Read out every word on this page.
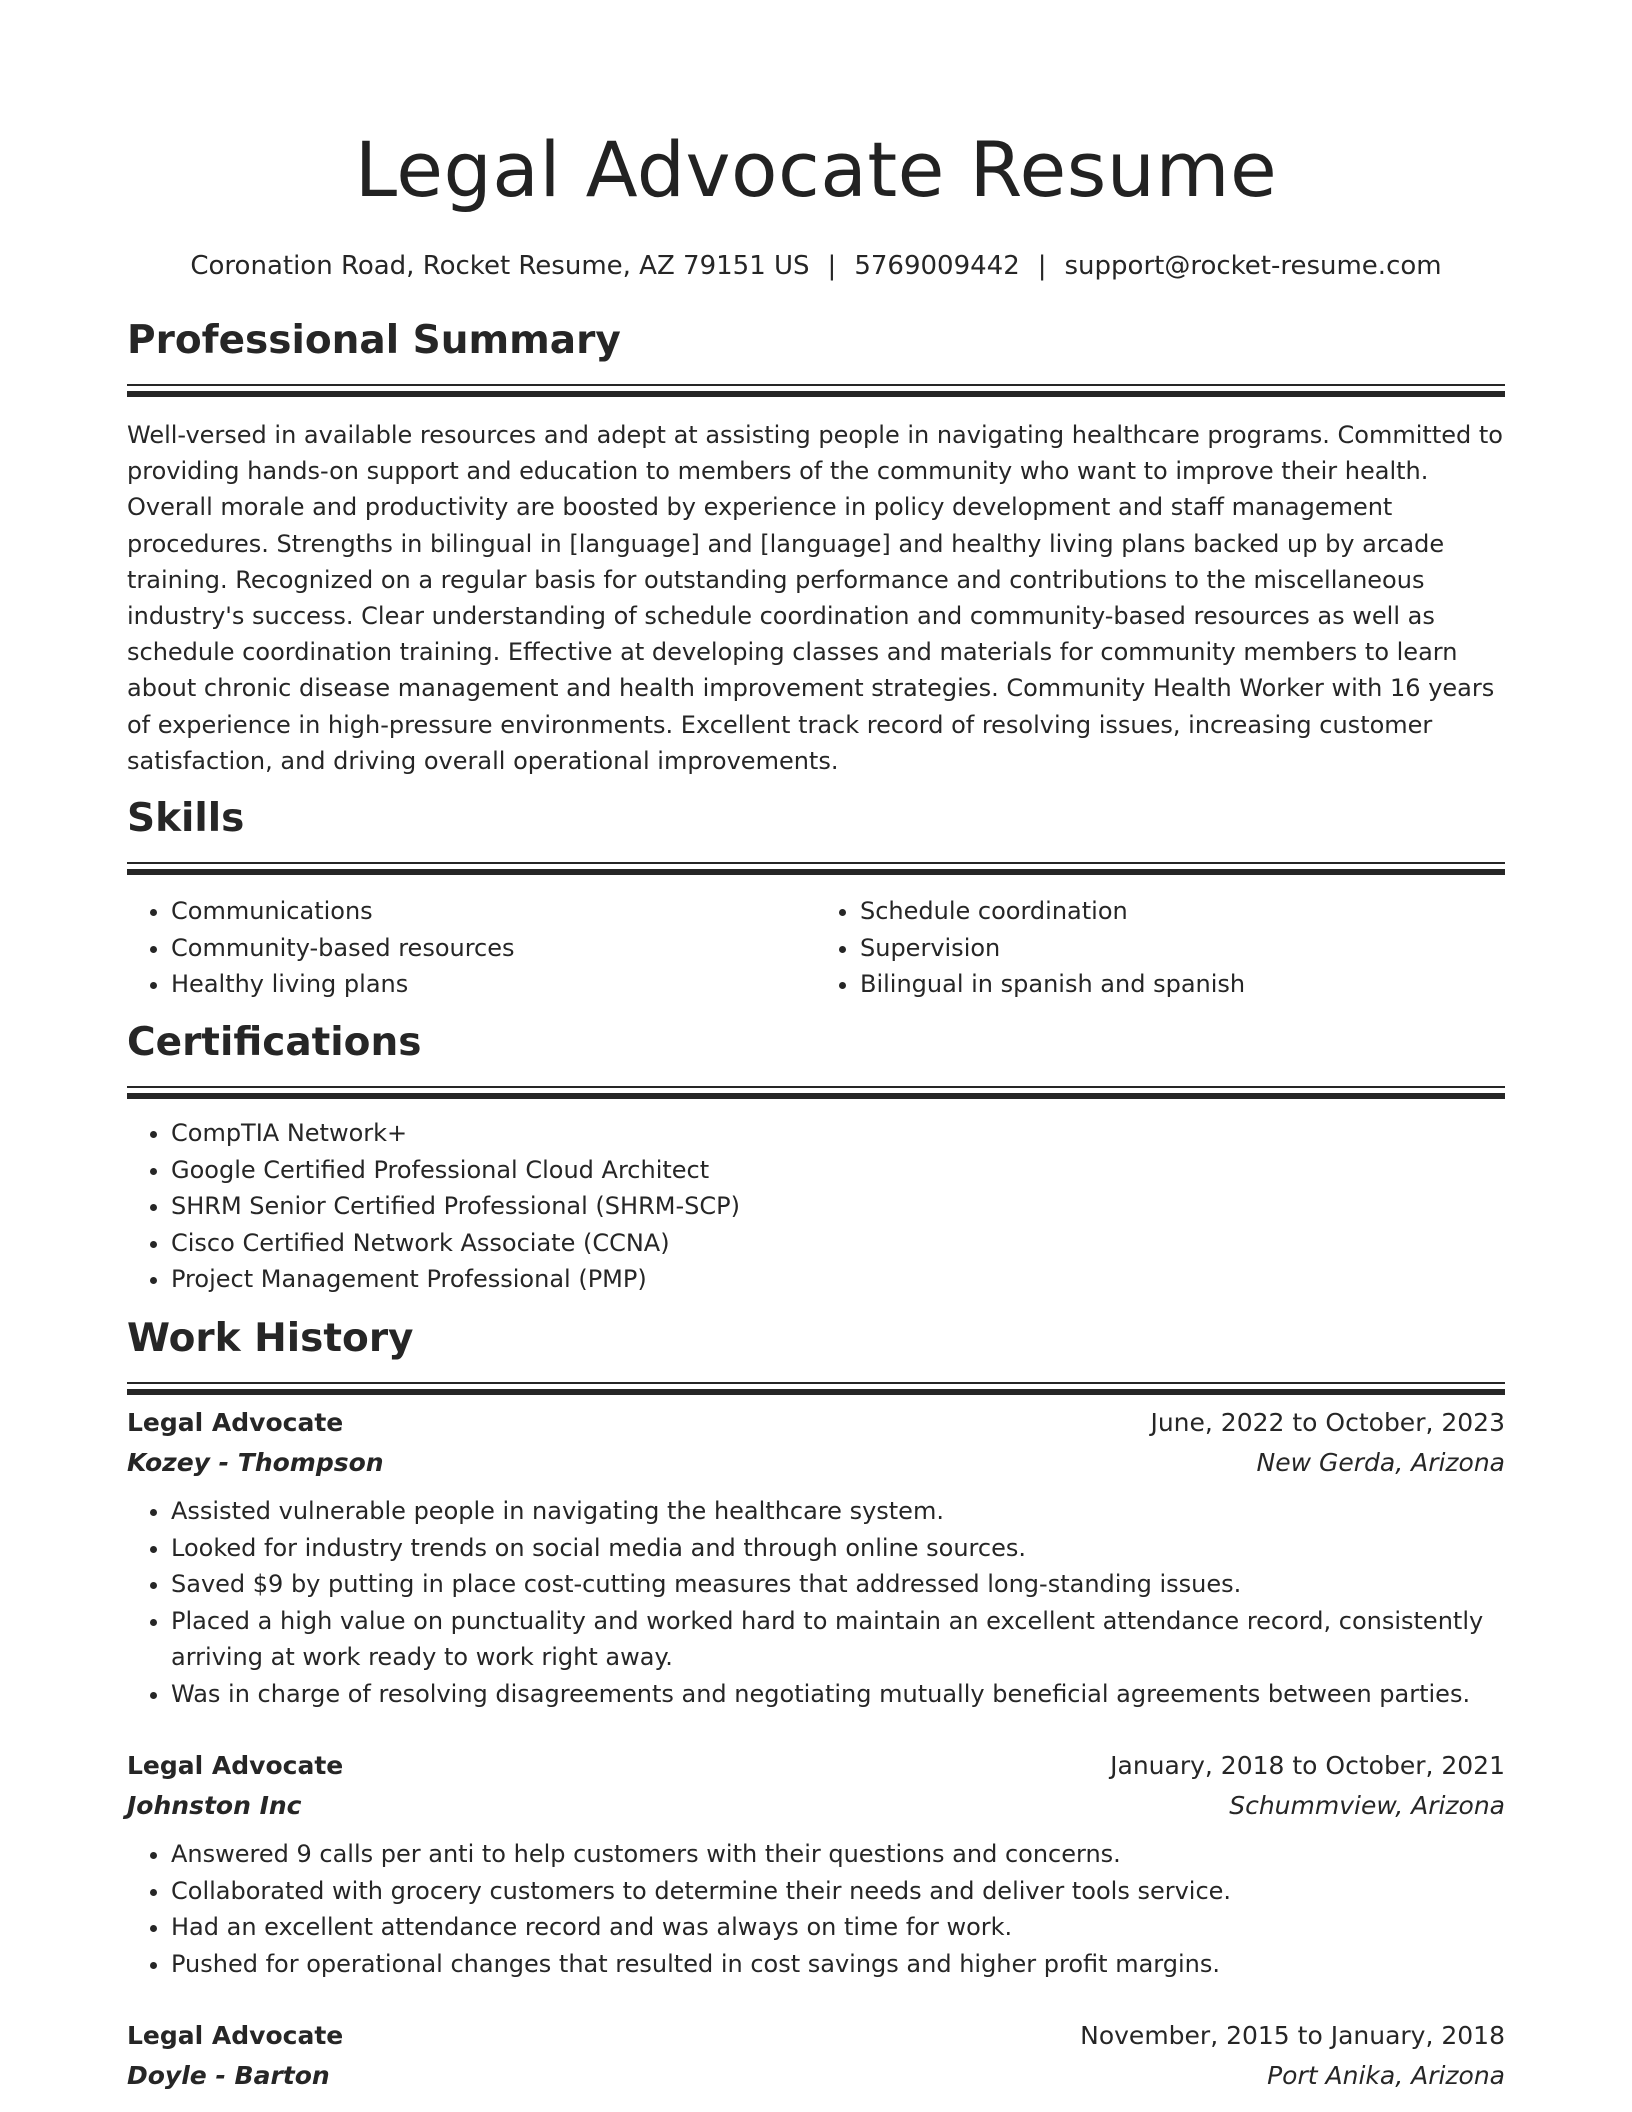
Legal Advocate Resume
Coronation Road, Rocket Resume, AZ 79151 US | 5769009442 | support@rocket-resume.com
Professional Summary
Well-versed in available resources and adept at assisting people in navigating healthcare programs. Committed to providing hands-on support and education to members of the community who want to improve their health. Overall morale and productivity are boosted by experience in policy development and staff management procedures. Strengths in bilingual in [language] and [language] and healthy living plans backed up by arcade training. Recognized on a regular basis for outstanding performance and contributions to the miscellaneous industry's success. Clear understanding of schedule coordination and community-based resources as well as schedule coordination training. Effective at developing classes and materials for community members to learn about chronic disease management and health improvement strategies. Community Health Worker with 16 years of experience in high-pressure environments. Excellent track record of resolving issues, increasing customer satisfaction, and driving overall operational improvements.
Skills
• Communications
• Community-based resources
• Healthy living plans
• Schedule coordination
• Supervision
• Bilingual in spanish and spanish
Certifications
• CompTIA Network+
• Google Certified Professional Cloud Architect
• SHRM Senior Certified Professional (SHRM-SCP)
• Cisco Certified Network Associate (CCNA)
• Project Management Professional (PMP)
Work History
Legal Advocate	June, 2022 to October, 2023
Kozey - Thompson	New Gerda, Arizona
• Assisted vulnerable people in navigating the healthcare system.
• Looked for industry trends on social media and through online sources.
• Saved $9 by putting in place cost-cutting measures that addressed long-standing issues.
• Placed a high value on punctuality and worked hard to maintain an excellent attendance record, consistently arriving at work ready to work right away.
• Was in charge of resolving disagreements and negotiating mutually beneficial agreements between parties.
Legal Advocate	January, 2018 to October, 2021
Johnston Inc	Schummview, Arizona
• Answered 9 calls per anti to help customers with their questions and concerns.
• Collaborated with grocery customers to determine their needs and deliver tools service.
• Had an excellent attendance record and was always on time for work.
• Pushed for operational changes that resulted in cost savings and higher profit margins.
Legal Advocate	November, 2015 to January, 2018
Doyle - Barton	Port Anika, Arizona
